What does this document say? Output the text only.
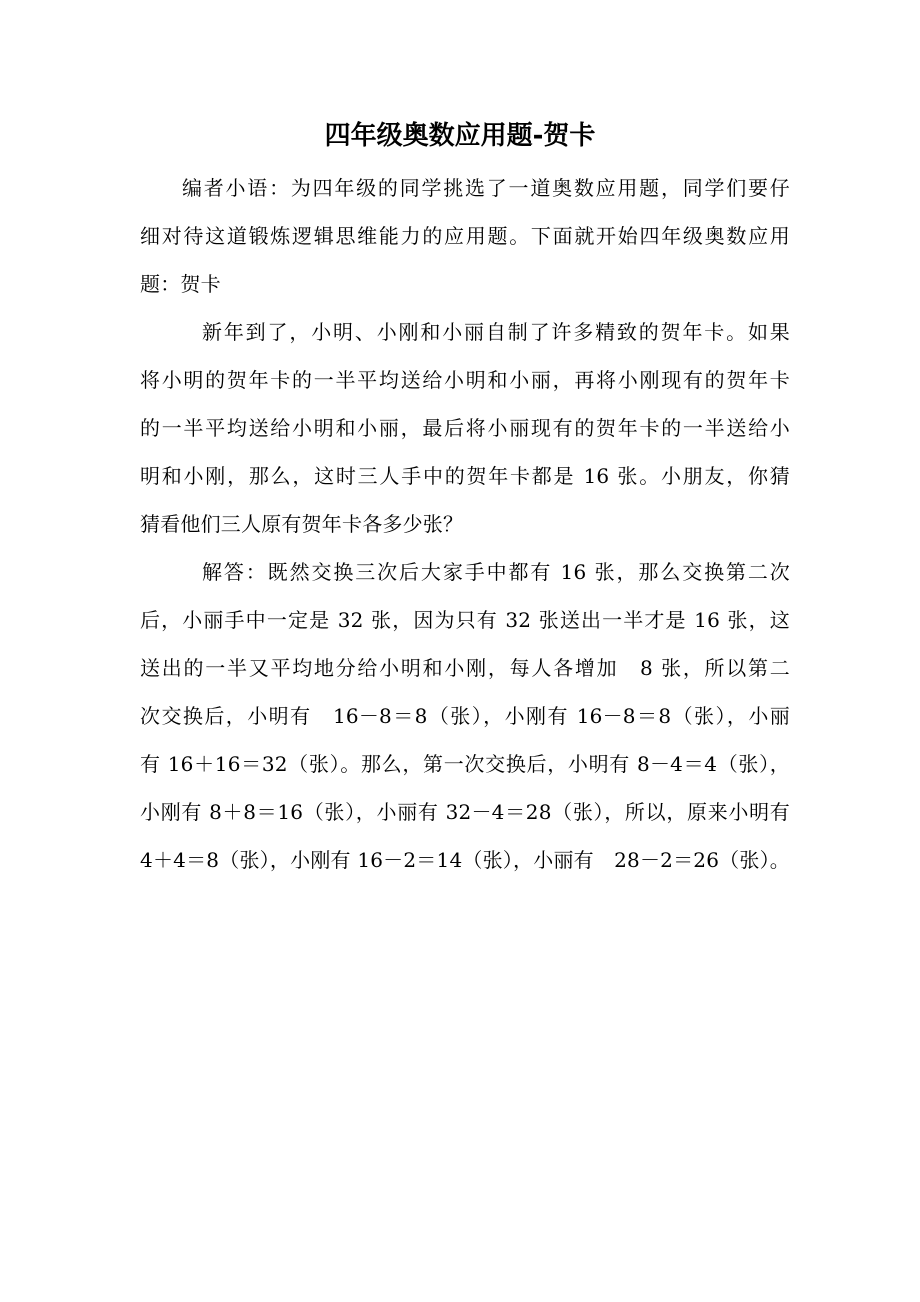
四年级奥数应用题-贺卡
编者小语：为四年级的同学挑选了一道奥数应用题，同学们要仔
细对待这道锻炼逻辑思维能力的应用题。下面就开始四年级奥数应用
题：贺卡
新年到了，小明、小刚和小丽自制了许多精致的贺年卡。如果
将小明的贺年卡的一半平均送给小明和小丽，再将小刚现有的贺年卡
的一半平均送给小明和小丽，最后将小丽现有的贺年卡的一半送给小
明和小刚，那么，这时三人手中的贺年卡都是 16 张。小朋友，你猜
猜看他们三人原有贺年卡各多少张？
解答：既然交换三次后大家手中都有 16 张，那么交换第二次
后，小丽手中一定是 32 张，因为只有 32 张送出一半才是 16 张，这
送出的一半又平均地分给小明和小刚，每人各增加　8 张，所以第二
次交换后，小明有　16－8＝8（张），小刚有 16－8＝8（张），小丽
有 16＋16＝32（张）。那么，第一次交换后，小明有 8－4＝4（张），
小刚有 8＋8＝16（张），小丽有 32－4＝28（张），所以，原来小明有
4＋4＝8（张），小刚有 16－2＝14（张），小丽有　28－2＝26（张）。
